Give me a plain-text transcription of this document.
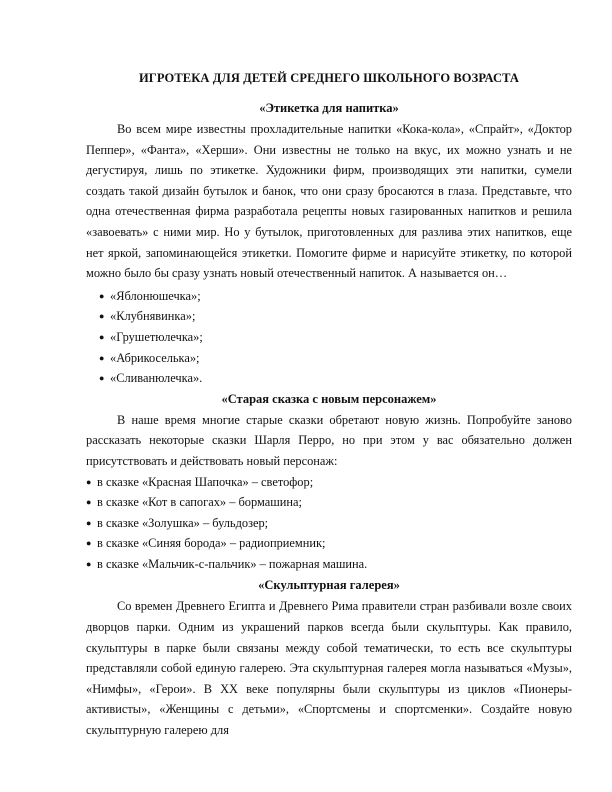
ИГРОТЕКА ДЛЯ ДЕТЕЙ СРЕДНЕГО ШКОЛЬНОГО ВОЗРАСТА
«Этикетка для напитка»

Во всем мире известны прохладительные напитки «Кока-кола», «Спрайт», «Доктор Пеппер», «Фанта», «Херши». Они известны не только на вкус, их можно узнать и не дегустируя, лишь по этикетке. Художники фирм, производящих эти напитки, сумели создать такой дизайн бутылок и банок, что они сразу бросаются в глаза. Представьте, что одна отечественная фирма разработала рецепты новых газированных напитков и решила «завоевать» с ними мир. Но у бутылок, приготовленных для разлива этих напитков, еще нет яркой, запоминающейся этикетки. Помогите фирме и нарисуйте этикетку, по которой можно было бы сразу узнать новый отечественный напиток. А называется он…

● «Яблонюшечка»;
● «Клубнявинка»;
● «Грушетюлечка»;
● «Абрикоселька»;
● «Сливанюлечка».
«Старая сказка с новым персонажем»

В наше время многие старые сказки обретают новую жизнь. Попробуйте заново рассказать некоторые сказки Шарля Перро, но при этом у вас обязательно должен присутствовать и действовать новый персонаж:

● в сказке «Красная Шапочка» – светофор;
● в сказке «Кот в сапогах» – бормашина;
● в сказке «Золушка» – бульдозер;
● в сказке «Синяя борода» – радиоприемник;
● в сказке «Мальчик-с-пальчик» – пожарная машина.
«Скульптурная галерея»

Со времен Древнего Египта и Древнего Рима правители стран разбивали возле своих дворцов парки. Одним из украшений парков всегда были скульптуры. Как правило, скульптуры в парке были связаны между собой тематически, то есть все скульптуры представляли собой единую галерею. Эта скульптурная галерея могла называться «Музы», «Нимфы», «Герои». В XX веке популярны были скульптуры из циклов «Пионеры-активисты», «Женщины с детьми», «Спортсмены и спортсменки». Создайте новую скульптурную галерею для
